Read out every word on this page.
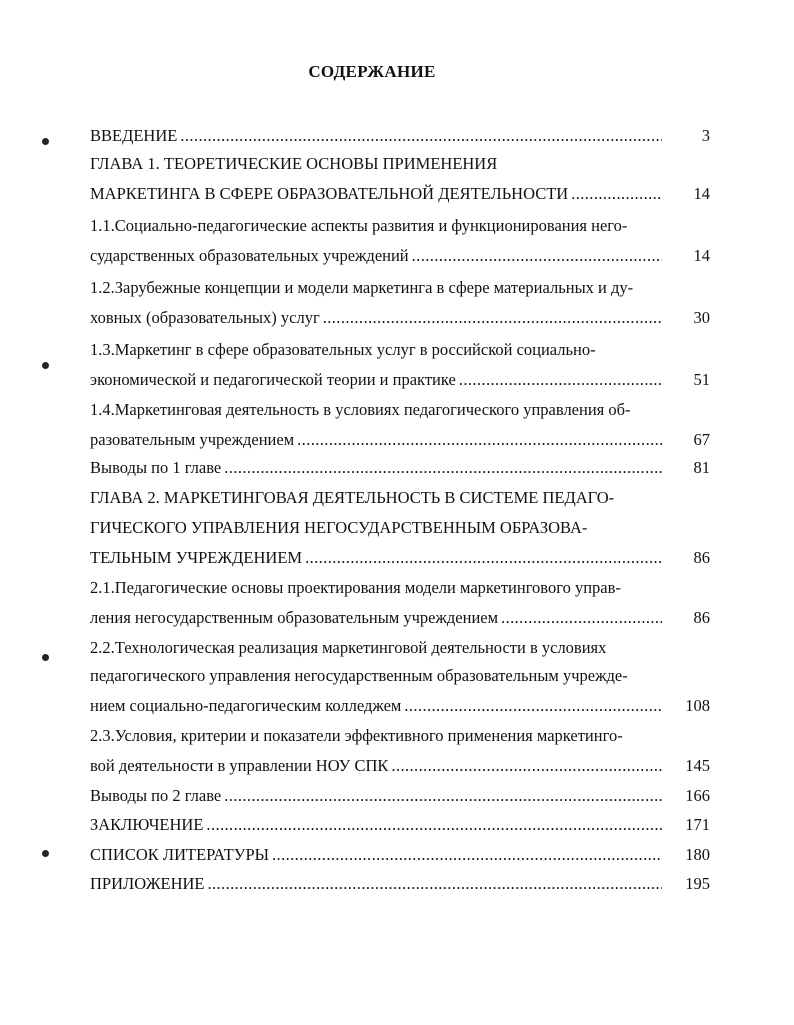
СОДЕРЖАНИЕ
ВВЕДЕНИЕ .....	3
ГЛАВА 1. ТЕОРЕТИЧЕСКИЕ ОСНОВЫ ПРИМЕНЕНИЯ
МАРКЕТИНГА В СФЕРЕ ОБРАЗОВАТЕЛЬНОЙ ДЕЯТЕЛЬНОСТИ .....	14
1.1.Социально-педагогические аспекты развития и функционирования него-
сударственных образовательных учреждений .....	14
1.2.Зарубежные концепции и модели маркетинга в сфере материальных и ду-
ховных (образовательных) услуг .....	30
1.3.Маркетинг в сфере образовательных услуг в российской социально-
экономической и педагогической теории и практике .....	51
1.4.Маркетинговая деятельность в условиях педагогического управления об-
разовательным учреждением .....	67
Выводы по 1 главе .....	81
ГЛАВА 2. МАРКЕТИНГОВАЯ ДЕЯТЕЛЬНОСТЬ В СИСТЕМЕ ПЕДАГО-
ГИЧЕСКОГО УПРАВЛЕНИЯ НЕГОСУДАРСТВЕННЫМ ОБРАЗОВА-
ТЕЛЬНЫМ УЧРЕЖДЕНИЕМ .....	86
2.1.Педагогические основы проектирования модели маркетингового управ-
ления негосударственным образовательным учреждением .....	86
2.2.Технологическая реализация маркетинговой деятельности в условиях
педагогического управления негосударственным образовательным учрежде-
нием социально-педагогическим колледжем .....	108
2.3.Условия, критерии и показатели эффективного применения маркетинго-
вой деятельности в управлении НОУ СПК .....	145
Выводы по 2 главе .....	166
ЗАКЛЮЧЕНИЕ .....	171
СПИСОК ЛИТЕРАТУРЫ .....	180
ПРИЛОЖЕНИЕ .....	195
